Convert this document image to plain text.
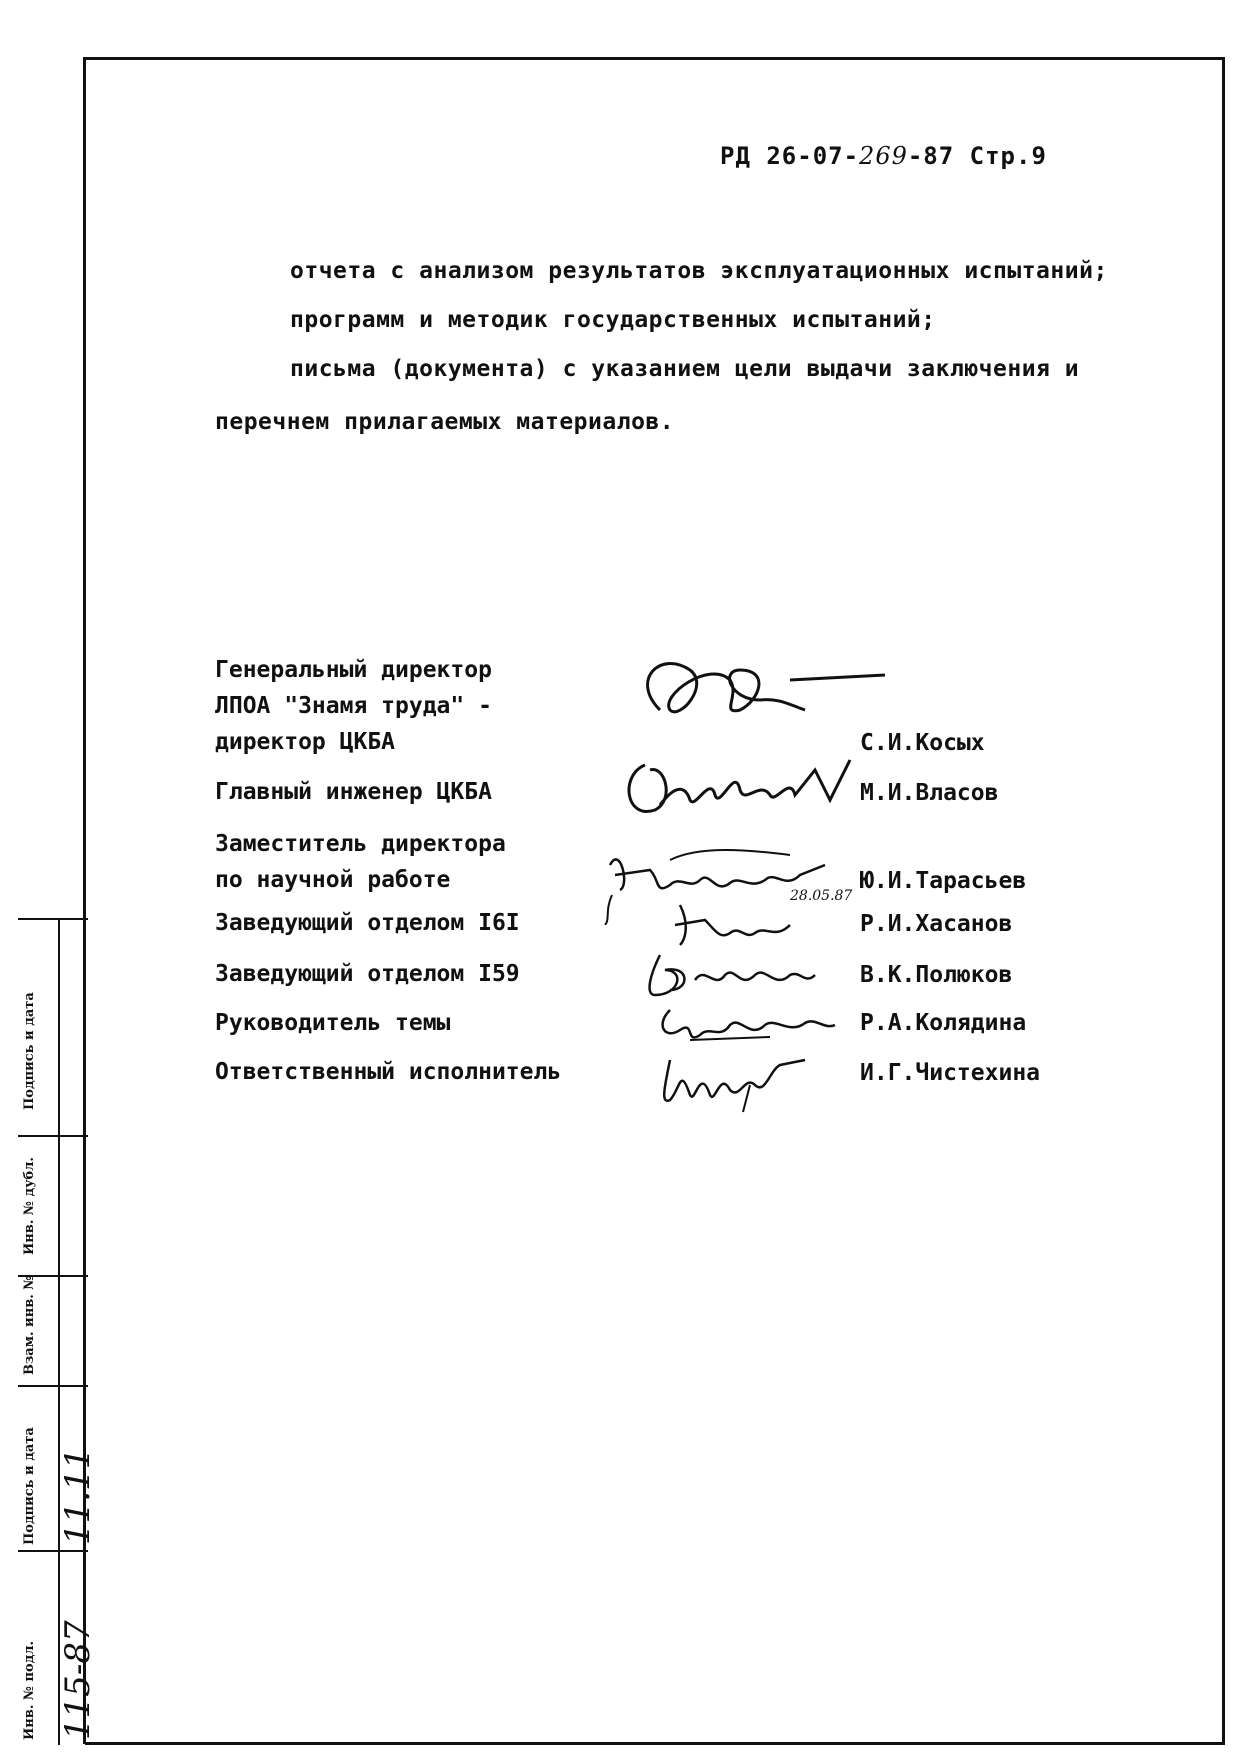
РД 26-07-269-87 Стр.9
отчета с анализом результатов эксплуатационных испытаний;
программ и методик государственных испытаний;
письма (документа) с указанием цели выдачи заключения и
перечнем прилагаемых материалов.
Генеральный директор
ЛПОА "Знамя труда" -
директор ЦКБА	С.И.Косых
Главный инженер ЦКБА	М.И.Власов
Заместитель директора
по научной работе	Ю.И.Тарасьев
28.05.87
Заведующий отделом I6I	Р.И.Хасанов
Заведующий отделом I59	В.К.Полюков
Руководитель темы	Р.А.Колядина
Ответственный исполнитель	И.Г.Чистехина
Подпись и дата
Инв. № дубл.
Взам. инв. №
Подпись и дата
Инв. № подл.
11.11
115-87
